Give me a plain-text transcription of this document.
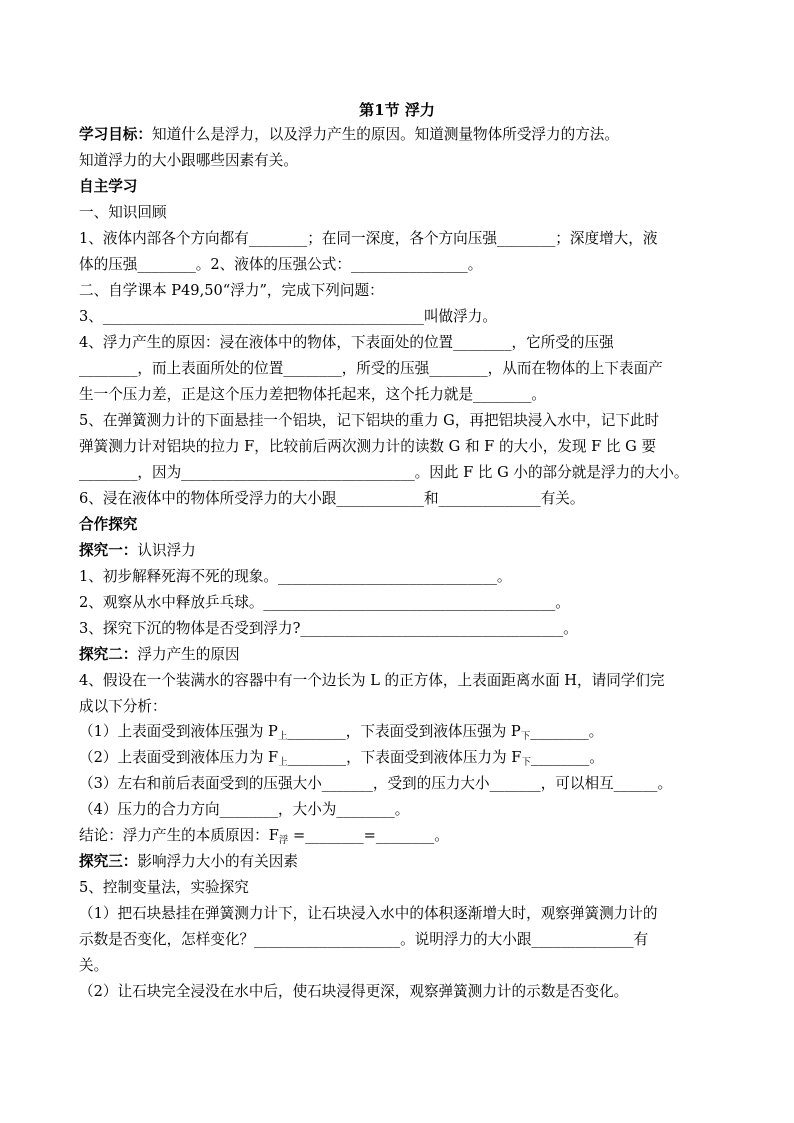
第1节 浮力
学习目标：知道什么是浮力，以及浮力产生的原因。知道测量物体所受浮力的方法。
知道浮力的大小跟哪些因素有关。
自主学习
一、知识回顾
1、液体内部各个方向都有________；在同一深度，各个方向压强________；深度增大，液
体的压强________。2、液体的压强公式：________________。
二、自学课本 P49,50“浮力”，完成下列问题：
3、____________________________________________叫做浮力。
4、浮力产生的原因：浸在液体中的物体，下表面处的位置________，它所受的压强
________，而上表面所处的位置________，所受的压强________，从而在物体的上下表面产
生一个压力差，正是这个压力差把物体托起来，这个托力就是________。
5、在弹簧测力计的下面悬挂一个铝块，记下铝块的重力 G，再把铝块浸入水中，记下此时
弹簧测力计对铝块的拉力 F，比较前后两次测力计的读数 G 和 F 的大小，发现 F 比 G 要
________，因为________________________________。因此 F 比 G 小的部分就是浮力的大小。
6、浸在液体中的物体所受浮力的大小跟____________和______________有关。
合作探究
探究一：认识浮力
1、初步解释死海不死的现象。______________________________。
2、观察从水中释放乒乓球。________________________________________。
3、探究下沉的物体是否受到浮力?____________________________________。
探究二：浮力产生的原因
4、假设在一个装满水的容器中有一个边长为 L 的正方体，上表面距离水面 H，请同学们完
成以下分析：
（1）上表面受到液体压强为 $P_上\_\_\_\_\_\_\_\_$，下表面受到液体压强为 $P_下\_\_\_\_\_\_\_\_$。
（2）上表面受到液体压力为 $F_上\_\_\_\_\_\_\_\_$，下表面受到液体压力为 $F_下\_\_\_\_\_\_\_\_$。
（3）左右和前后表面受到的压强大小_______，受到的压力大小_______，可以相互______。
（4）压力的合力方向________，大小为________。
结论：浮力产生的本质原因：$F_浮$ =________=________。
探究三：影响浮力大小的有关因素
5、控制变量法，实验探究
（1）把石块悬挂在弹簧测力计下，让石块浸入水中的体积逐渐增大时，观察弹簧测力计的
示数是否变化，怎样变化？____________________。说明浮力的大小跟______________有
关。
（2）让石块完全浸没在水中后，使石块浸得更深，观察弹簧测力计的示数是否变化。
